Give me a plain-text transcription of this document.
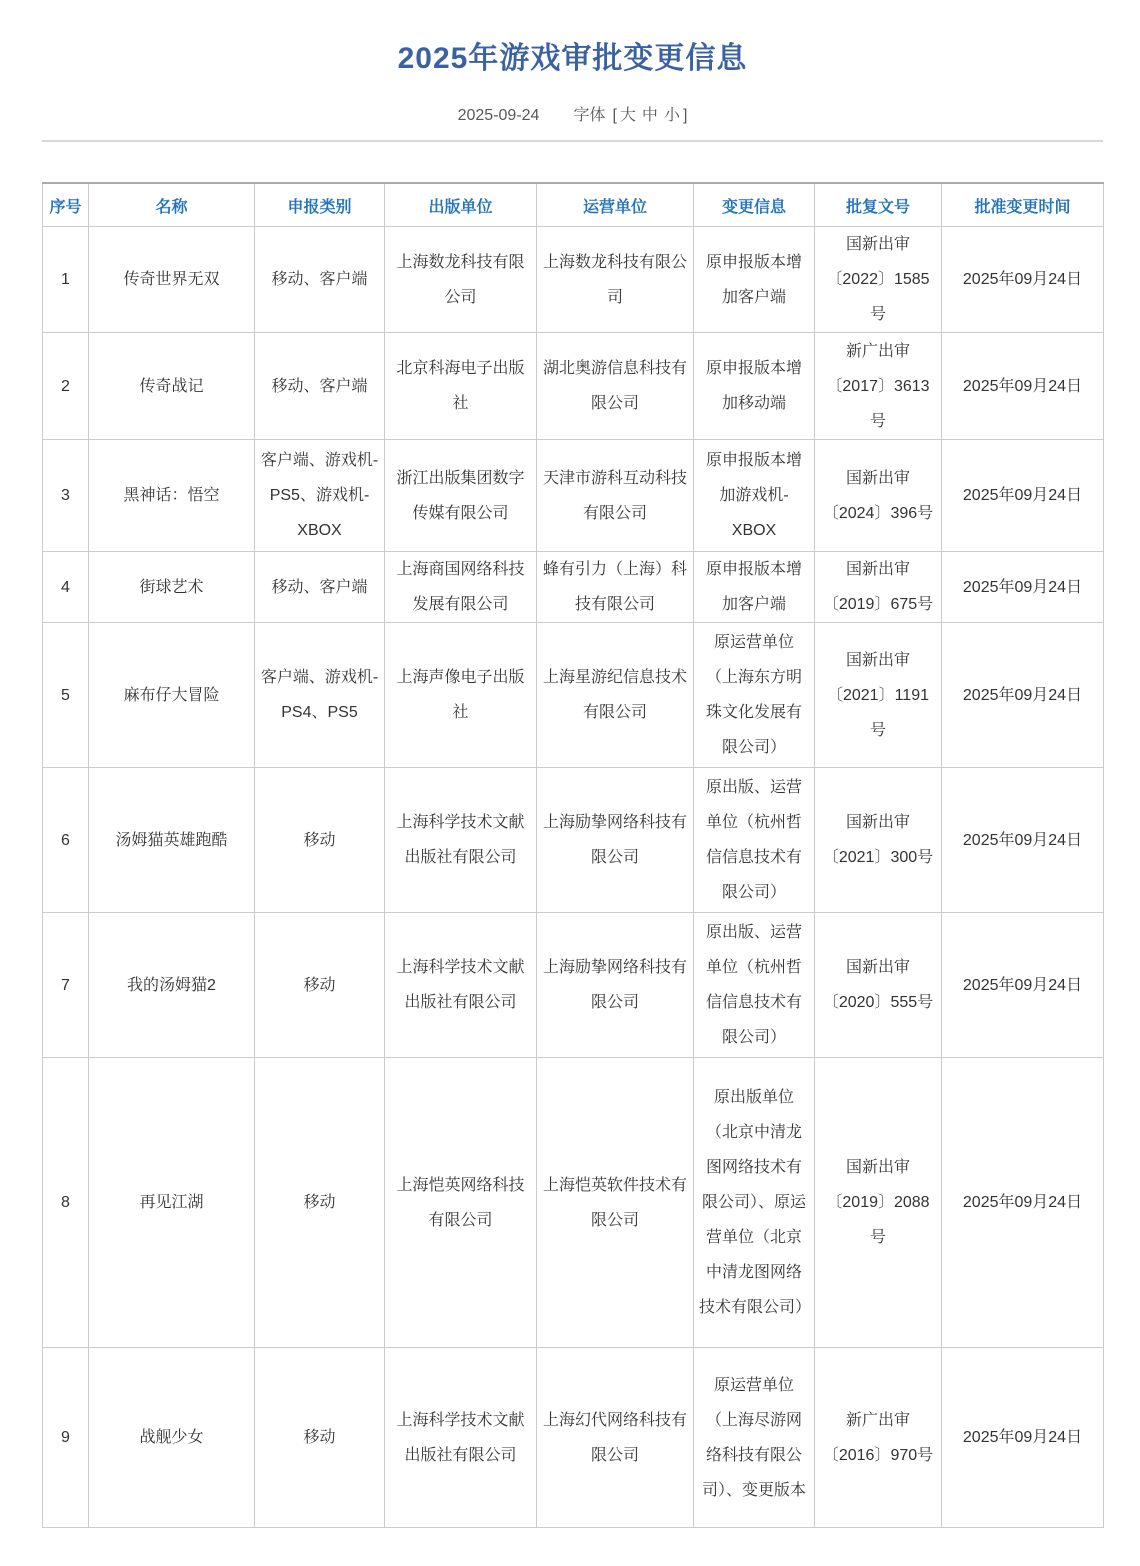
2025年游戏审批变更信息
2025-09-24 字体 [ 大 中 小 ]
序号	名称	申报类别	出版单位	运营单位	变更信息	批复文号	批准变更时间
1	传奇世界无双	移动、客户端	上海数龙科技有限公司	上海数龙科技有限公司	原申报版本增加客户端	国新出审〔2022〕1585号	2025年09月24日
2	传奇战记	移动、客户端	北京科海电子出版社	湖北奥游信息科技有限公司	原申报版本增加移动端	新广出审〔2017〕3613号	2025年09月24日
3	黑神话：悟空	客户端、游戏机-PS5、游戏机-XBOX	浙江出版集团数字传媒有限公司	天津市游科互动科技有限公司	原申报版本增加游戏机-XBOX	国新出审〔2024〕396号	2025年09月24日
4	街球艺术	移动、客户端	上海商国网络科技发展有限公司	蜂有引力（上海）科技有限公司	原申报版本增加客户端	国新出审〔2019〕675号	2025年09月24日
5	麻布仔大冒险	客户端、游戏机-PS4、PS5	上海声像电子出版社	上海星游纪信息技术有限公司	原运营单位（上海东方明珠文化发展有限公司）	国新出审〔2021〕1191号	2025年09月24日
6	汤姆猫英雄跑酷	移动	上海科学技术文献出版社有限公司	上海励挚网络科技有限公司	原出版、运营单位（杭州哲信信息技术有限公司）	国新出审〔2021〕300号	2025年09月24日
7	我的汤姆猫2	移动	上海科学技术文献出版社有限公司	上海励挚网络科技有限公司	原出版、运营单位（杭州哲信信息技术有限公司）	国新出审〔2020〕555号	2025年09月24日
8	再见江湖	移动	上海恺英网络科技有限公司	上海恺英软件技术有限公司	原出版单位（北京中清龙图网络技术有限公司）、原运营单位（北京中清龙图网络技术有限公司）	国新出审〔2019〕2088号	2025年09月24日
9	战舰少女	移动	上海科学技术文献出版社有限公司	上海幻代网络科技有限公司	原运营单位（上海尽游网络科技有限公司）、变更版本	新广出审〔2016〕970号	2025年09月24日
